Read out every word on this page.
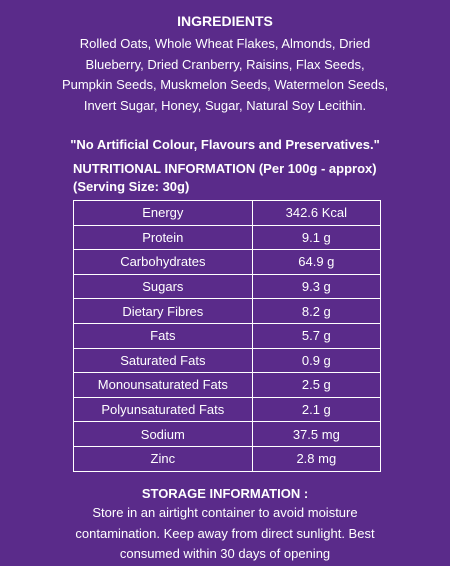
INGREDIENTS
Rolled Oats, Whole Wheat Flakes, Almonds, Dried Blueberry, Dried Cranberry, Raisins, Flax Seeds, Pumpkin Seeds, Muskmelon Seeds, Watermelon Seeds, Invert Sugar, Honey, Sugar, Natural Soy Lecithin.
"No Artificial Colour, Flavours and Preservatives."
NUTRITIONAL INFORMATION (Per 100g - approx)
(Serving Size: 30g)
Energy	342.6 Kcal
Protein	9.1 g
Carbohydrates	64.9 g
Sugars	9.3 g
Dietary Fibres	8.2 g
Fats	5.7 g
Saturated Fats	0.9 g
Monounsaturated Fats	2.5 g
Polyunsaturated Fats	2.1 g
Sodium	37.5 mg
Zinc	2.8 mg
STORAGE INFORMATION :
Store in an airtight container to avoid moisture contamination. Keep away from direct sunlight. Best consumed within 30 days of opening
